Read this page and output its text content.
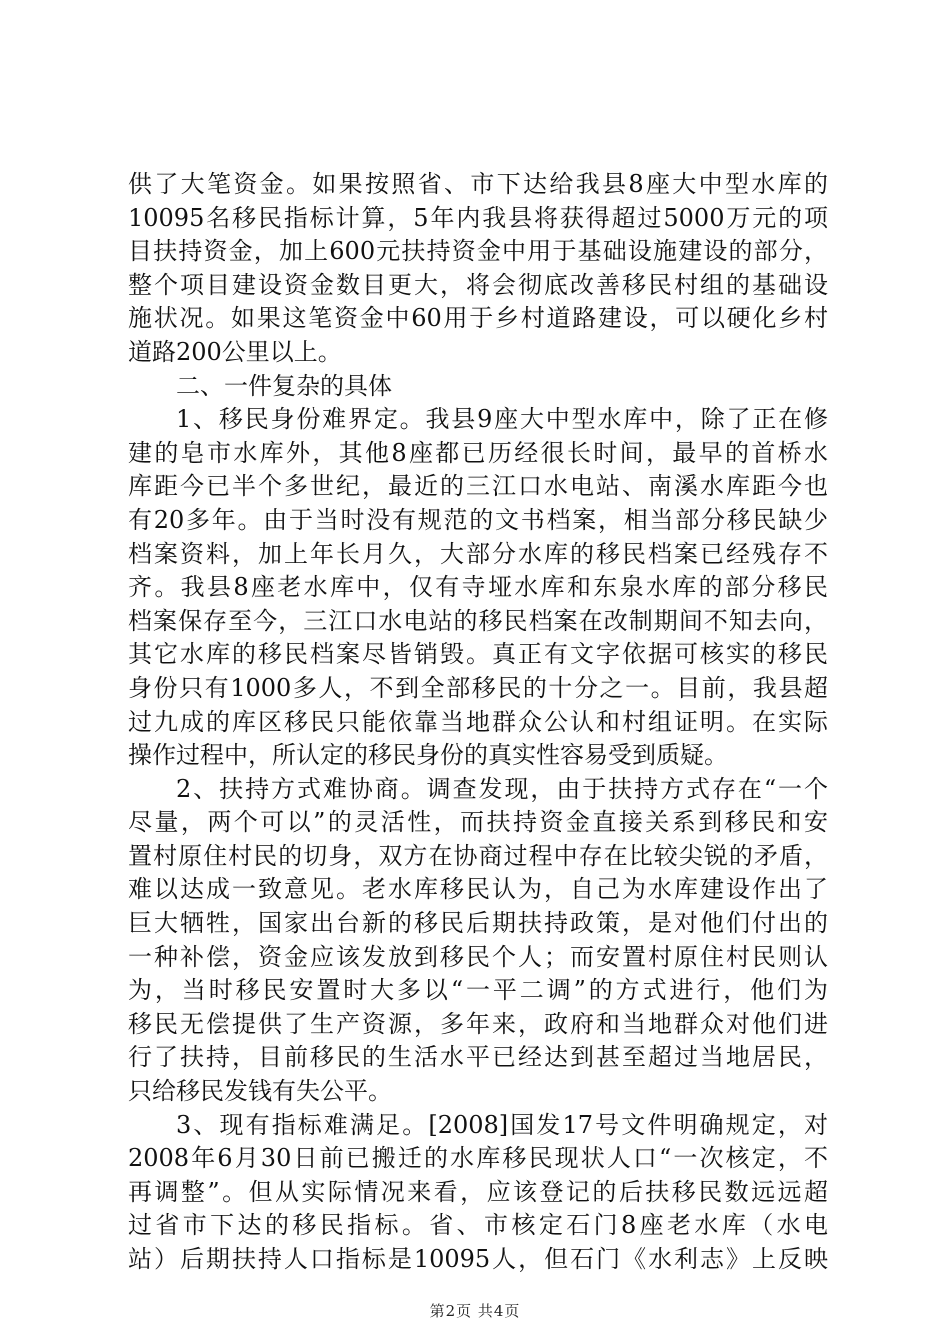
供了大笔资金。如果按照省、市下达给我县8座大中型水库的
10095名移民指标计算，5年内我县将获得超过5000万元的项
目扶持资金，加上600元扶持资金中用于基础设施建设的部分，
整个项目建设资金数目更大，将会彻底改善移民村组的基础设
施状况。如果这笔资金中60用于乡村道路建设，可以硬化乡村
道路200公里以上。
二、一件复杂的具体
1、移民身份难界定。我县9座大中型水库中，除了正在修
建的皂市水库外，其他8座都已历经很长时间，最早的首桥水
库距今已半个多世纪，最近的三江口水电站、南溪水库距今也
有20多年。由于当时没有规范的文书档案，相当部分移民缺少
档案资料，加上年长月久，大部分水库的移民档案已经残存不
齐。我县8座老水库中，仅有寺垭水库和东泉水库的部分移民
档案保存至今，三江口水电站的移民档案在改制期间不知去向，
其它水库的移民档案尽皆销毁。真正有文字依据可核实的移民
身份只有1000多人，不到全部移民的十分之一。目前，我县超
过九成的库区移民只能依靠当地群众公认和村组证明。在实际
操作过程中，所认定的移民身份的真实性容易受到质疑。
2、扶持方式难协商。调查发现，由于扶持方式存在“一个
尽量，两个可以”的灵活性，而扶持资金直接关系到移民和安
置村原住村民的切身，双方在协商过程中存在比较尖锐的矛盾，
难以达成一致意见。老水库移民认为，自己为水库建设作出了
巨大牺牲，国家出台新的移民后期扶持政策，是对他们付出的
一种补偿，资金应该发放到移民个人；而安置村原住村民则认
为，当时移民安置时大多以“一平二调”的方式进行，他们为
移民无偿提供了生产资源，多年来，政府和当地群众对他们进
行了扶持，目前移民的生活水平已经达到甚至超过当地居民，
只给移民发钱有失公平。
3、现有指标难满足。[2008]国发17号文件明确规定，对
2008年6月30日前已搬迁的水库移民现状人口“一次核定，不
再调整”。但从实际情况来看，应该登记的后扶移民数远远超
过省市下达的移民指标。省、市核定石门8座老水库（水电
站）后期扶持人口指标是10095人，但石门《水利志》上反映
第2页 共4页
